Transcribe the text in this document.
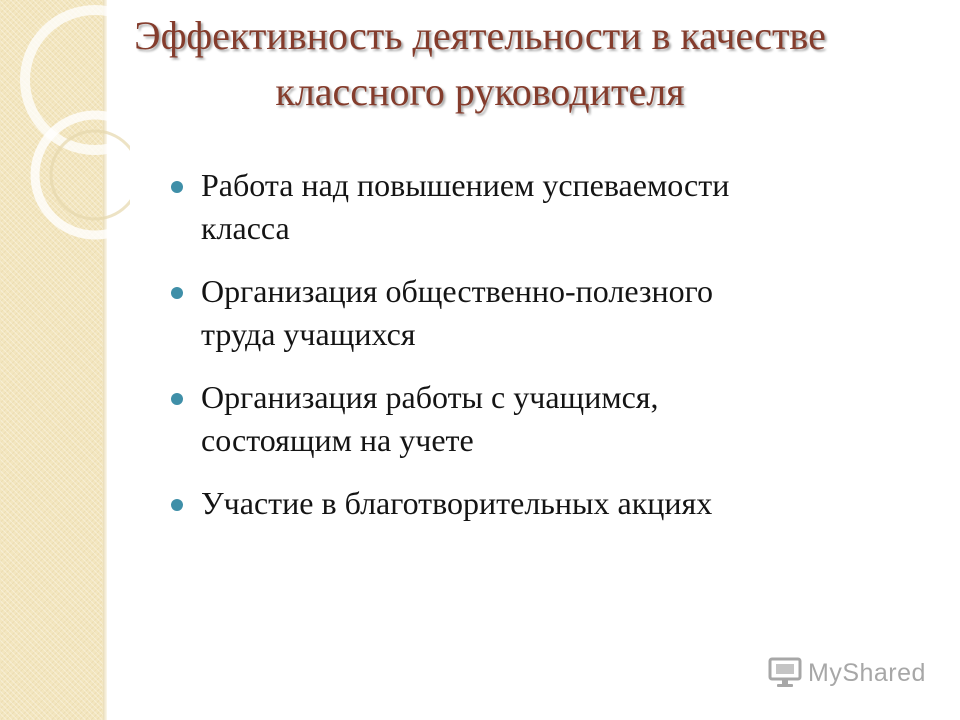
Эффективность деятельности в качестве
классного руководителя
Работа над повышением успеваемости
класса
Организация общественно-полезного
труда учащихся
Организация работы с учащимся,
состоящим на учете
Участие в благотворительных акциях
MyShared
